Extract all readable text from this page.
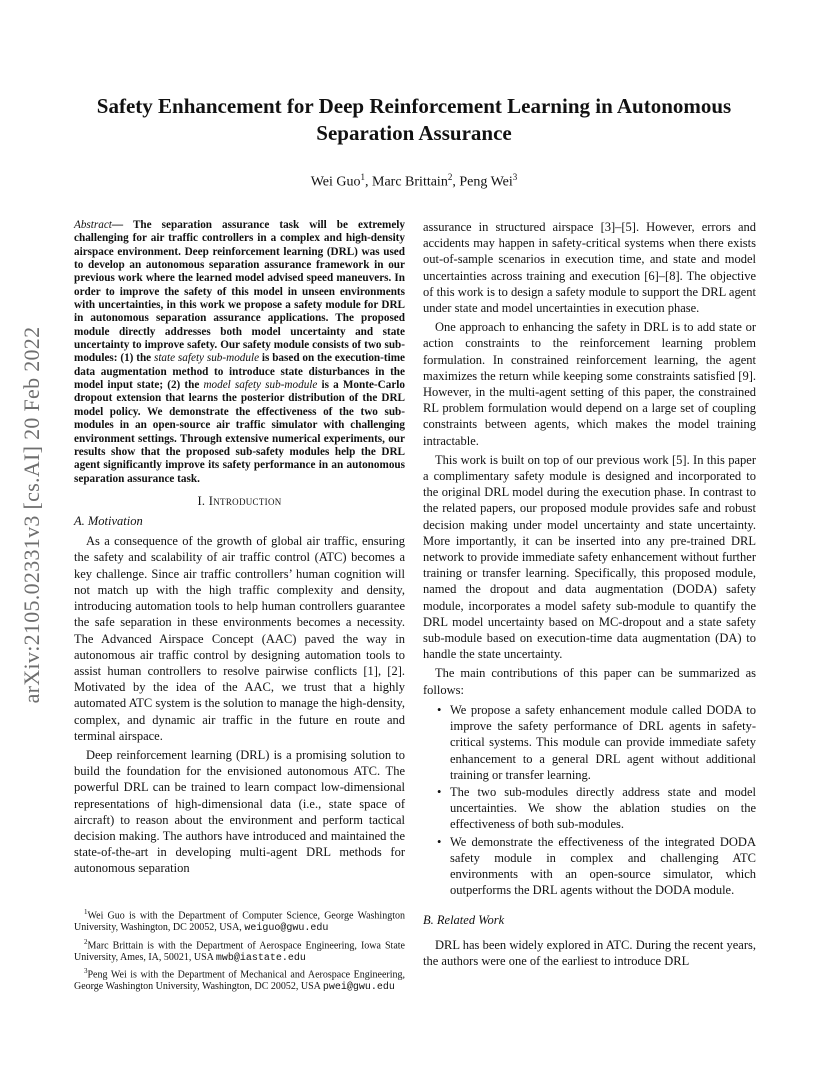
arXiv:2105.02331v3 [cs.AI] 20 Feb 2022
Safety Enhancement for Deep Reinforcement Learning in Autonomous
Separation Assurance
Wei Guo$^1$, Marc Brittain$^2$, Peng Wei$^3$

Abstract— The separation assurance task will be extremely challenging for air traffic controllers in a complex and high-density airspace environment. Deep reinforcement learning (DRL) was used to develop an autonomous separation assurance framework in our previous work where the learned model advised speed maneuvers. In order to improve the safety of this model in unseen environments with uncertainties, in this work we propose a safety module for DRL in autonomous separation assurance applications. The proposed module directly addresses both model uncertainty and state uncertainty to improve safety. Our safety module consists of two sub-modules: (1) the state safety sub-module is based on the execution-time data augmentation method to introduce state disturbances in the model input state; (2) the model safety sub-module is a Monte-Carlo dropout extension that learns the posterior distribution of the DRL model policy. We demonstrate the effectiveness of the two sub-modules in an open-source air traffic simulator with challenging environment settings. Through extensive numerical experiments, our results show that the proposed sub-safety modules help the DRL agent significantly improve its safety performance in an autonomous separation assurance task.

I. Introduction
A. Motivation

As a consequence of the growth of global air traffic, ensuring the safety and scalability of air traffic control (ATC) becomes a key challenge. Since air traffic controllers’ human cognition will not match up with the high traffic complexity and density, introducing automation tools to help human controllers guarantee the safe separation in these environments becomes a necessity. The Advanced Airspace Concept (AAC) paved the way in autonomous air traffic control by designing automation tools to assist human controllers to resolve pairwise conflicts [1], [2]. Motivated by the idea of the AAC, we trust that a highly automated ATC system is the solution to manage the high-density, complex, and dynamic air traffic in the future en route and terminal airspace.

Deep reinforcement learning (DRL) is a promising solution to build the foundation for the envisioned autonomous ATC. The powerful DRL can be trained to learn compact low-dimensional representations of high-dimensional data (i.e., state space of aircraft) to reason about the environment and perform tactical decision making. The authors have introduced and maintained the state-of-the-art in developing multi-agent DRL methods for autonomous separation

$^1$Wei Guo is with the Department of Computer Science, George Washington University, Washington, DC 20052, USA, weiguo@gwu.edu

$^2$Marc Brittain is with the Department of Aerospace Engineering, Iowa State University, Ames, IA, 50021, USA mwb@iastate.edu

$^3$Peng Wei is with the Department of Mechanical and Aerospace Engineering, George Washington University, Washington, DC 20052, USA pwei@gwu.edu

assurance in structured airspace [3]–[5]. However, errors and accidents may happen in safety-critical systems when there exists out-of-sample scenarios in execution time, and state and model uncertainties across training and execution [6]–[8]. The objective of this work is to design a safety module to support the DRL agent under state and model uncertainties in execution phase.

One approach to enhancing the safety in DRL is to add state or action constraints to the reinforcement learning problem formulation. In constrained reinforcement learning, the agent maximizes the return while keeping some constraints satisfied [9]. However, in the multi-agent setting of this paper, the constrained RL problem formulation would depend on a large set of coupling constraints between agents, which makes the model training intractable.

This work is built on top of our previous work [5]. In this paper a complimentary safety module is designed and incorporated to the original DRL model during the execution phase. In contrast to the related papers, our proposed module provides safe and robust decision making under model uncertainty and state uncertainty. More importantly, it can be inserted into any pre-trained DRL network to provide immediate safety enhancement without further training or transfer learning. Specifically, this proposed module, named the dropout and data augmentation (DODA) safety module, incorporates a model safety sub-module to quantify the DRL model uncertainty based on MC-dropout and a state safety sub-module based on execution-time data augmentation (DA) to handle the state uncertainty.

The main contributions of this paper can be summarized as follows:

• We propose a safety enhancement module called DODA to improve the safety performance of DRL agents in safety-critical systems. This module can provide immediate safety enhancement to a general DRL agent without additional training or transfer learning.
• The two sub-modules directly address state and model uncertainties. We show the ablation studies on the effectiveness of both sub-modules.
• We demonstrate the effectiveness of the integrated DODA safety module in complex and challenging ATC environments with an open-source simulator, which outperforms the DRL agents without the DODA module.
B. Related Work

DRL has been widely explored in ATC. During the recent years, the authors were one of the earliest to introduce DRL
